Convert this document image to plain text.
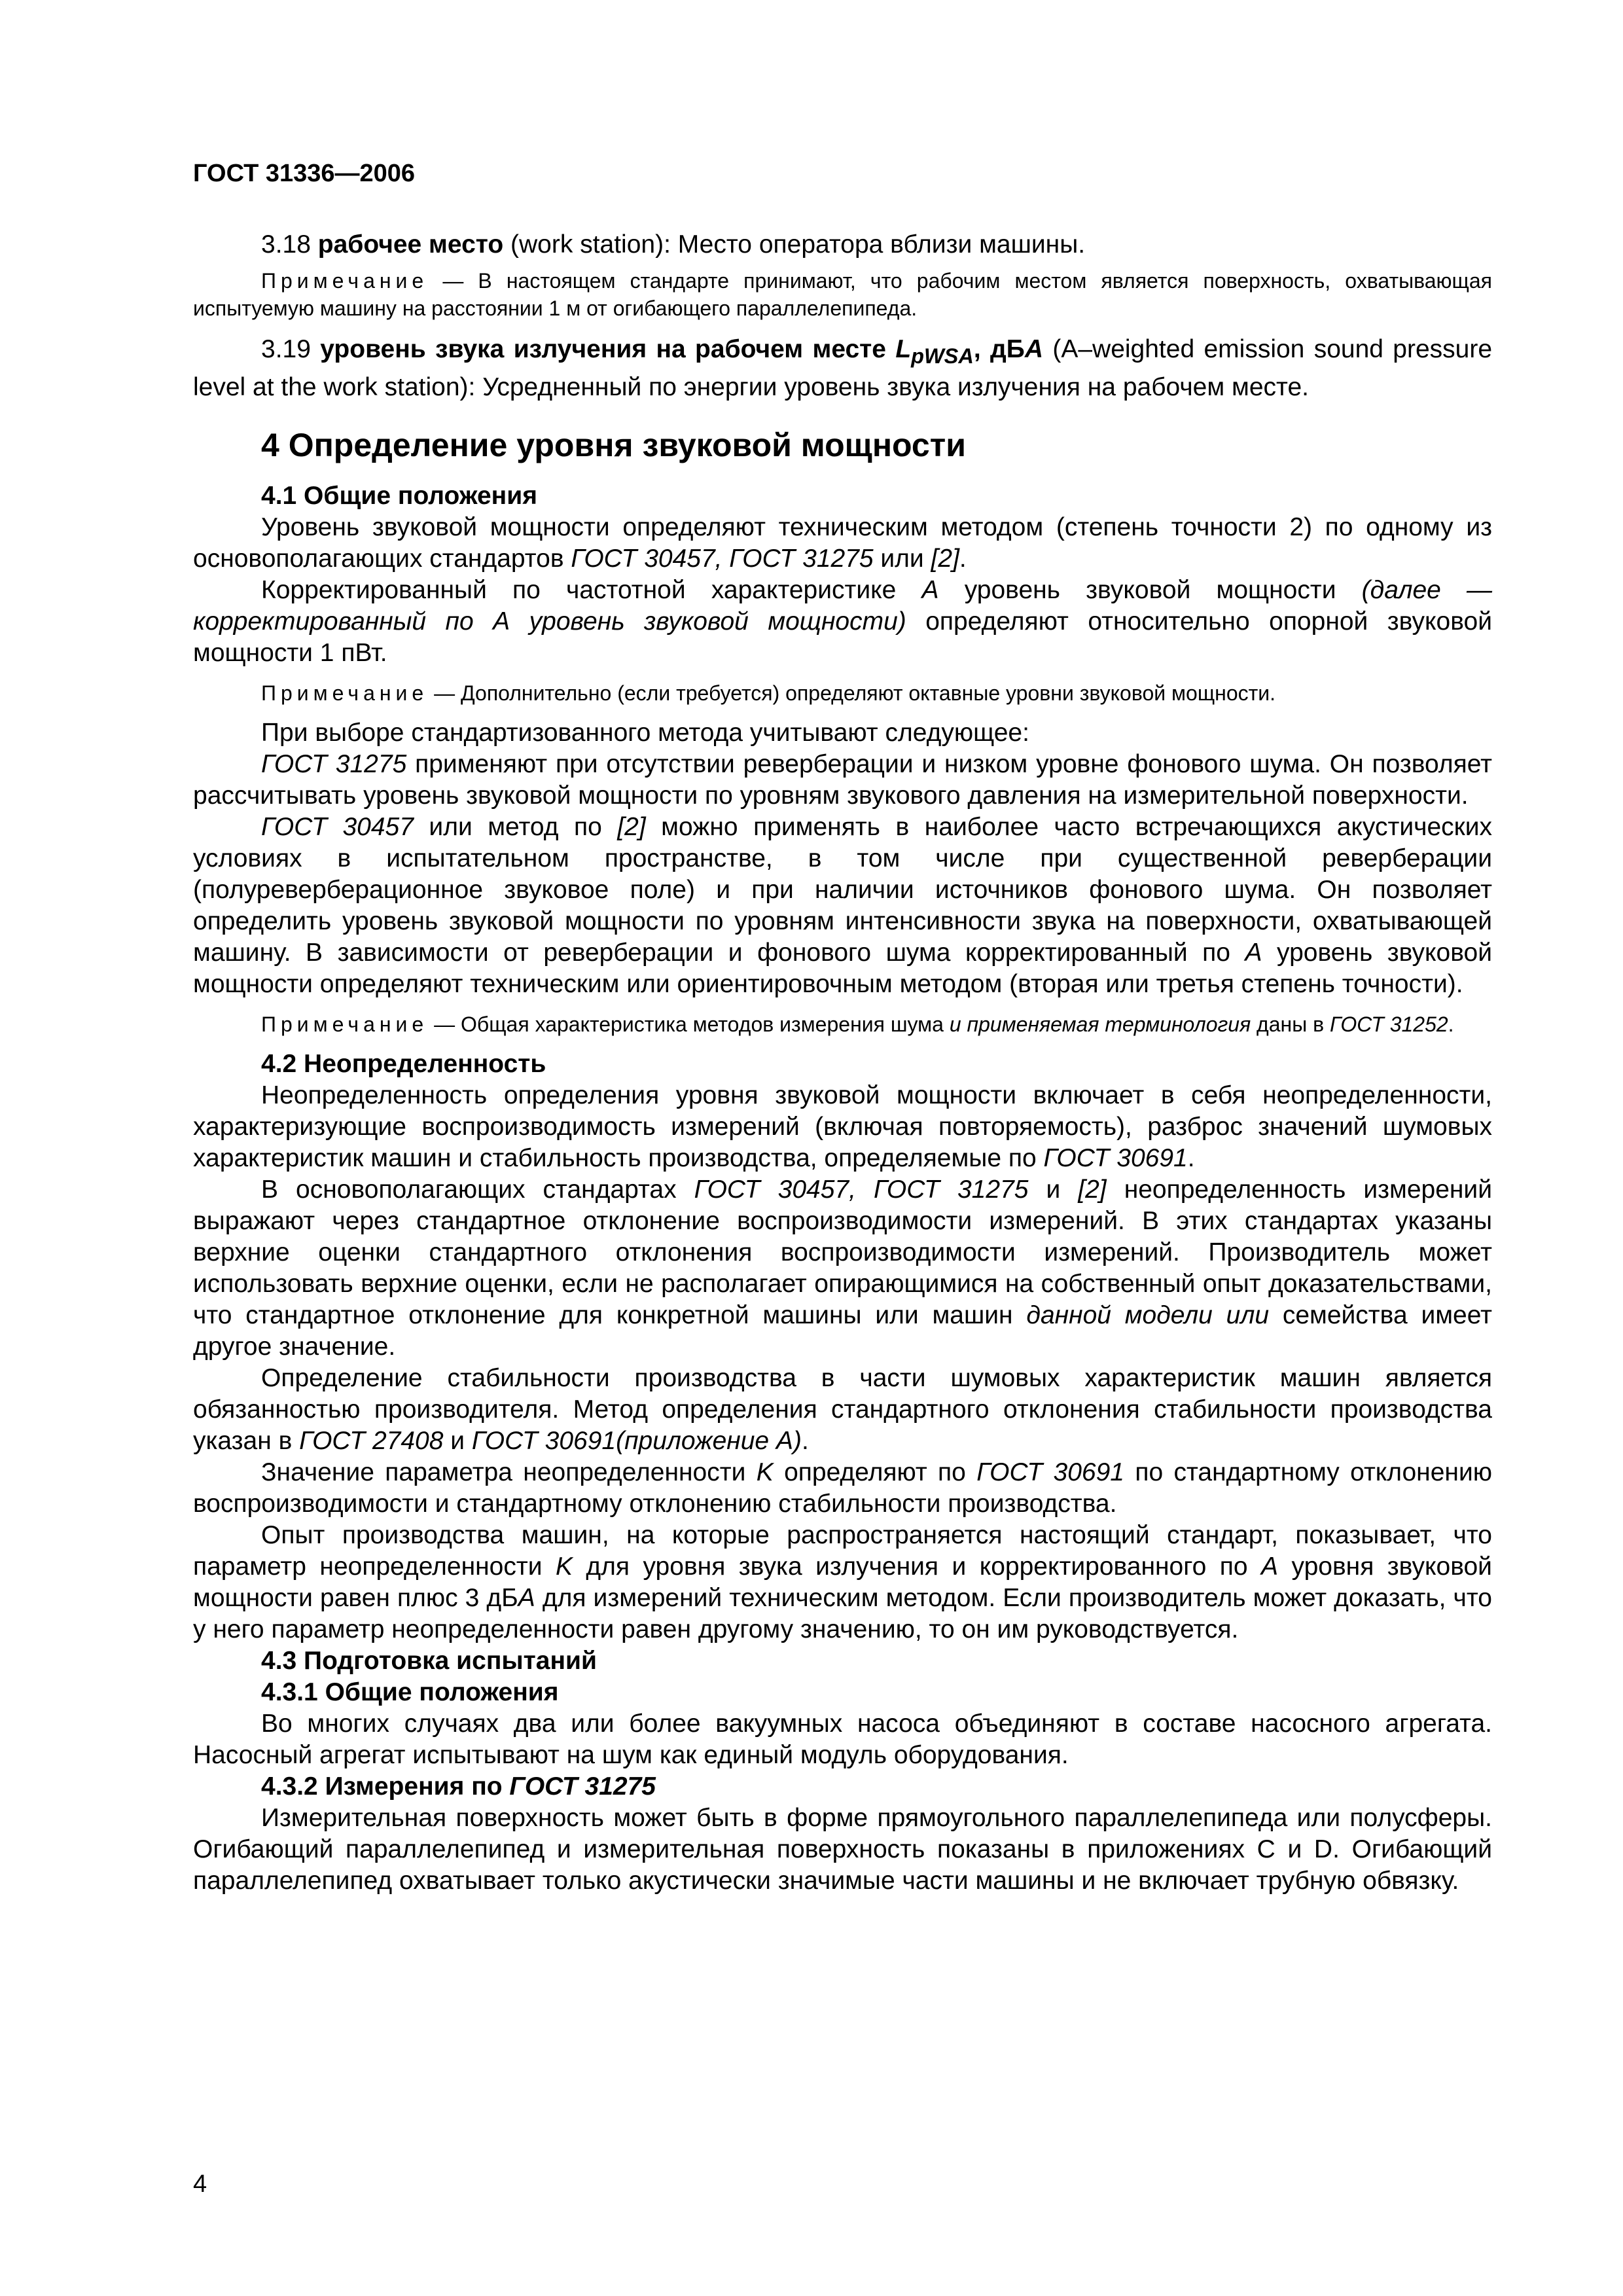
ГОСТ 31336—2006

3.18 рабочее место (work station): Место оператора вблизи машины.

Примечание — В настоящем стандарте принимают, что рабочим местом является поверхность, охватывающая испытуемую машину на расстоянии 1 м от огибающего параллелепипеда.

3.19 уровень звука излучения на рабочем месте $L_{pWSA}$, дБА (A–weighted emission sound pressure level at the work station): Усредненный по энергии уровень звука излучения на рабочем месте.

4 Определение уровня звуковой мощности
4.1 Общие положения

Уровень звуковой мощности определяют техническим методом (степень точности 2) по одному из основополагающих стандартов ГОСТ 30457, ГОСТ 31275 или [2].

Корректированный по частотной характеристике А уровень звуковой мощности (далее — корректированный по А уровень звуковой мощности) определяют относительно опорной звуковой мощности 1 пВт.

Примечание — Дополнительно (если требуется) определяют октавные уровни звуковой мощности.

При выборе стандартизованного метода учитывают следующее:

ГОСТ 31275 применяют при отсутствии реверберации и низком уровне фонового шума. Он позволяет рассчитывать уровень звуковой мощности по уровням звукового давления на измерительной поверхности.

ГОСТ 30457 или метод по [2] можно применять в наиболее часто встречающихся акустических условиях в испытательном пространстве, в том числе при существенной реверберации (полуреверберационное звуковое поле) и при наличии источников фонового шума. Он позволяет определить уровень звуковой мощности по уровням интенсивности звука на поверхности, охватывающей машину. В зависимости от реверберации и фонового шума корректированный по А уровень звуковой мощности определяют техническим или ориентировочным методом (вторая или третья степень точности).

Примечание — Общая характеристика методов измерения шума и применяемая терминология даны в ГОСТ 31252.

4.2 Неопределенность

Неопределенность определения уровня звуковой мощности включает в себя неопределенности, характеризующие воспроизводимость измерений (включая повторяемость), разброс значений шумовых характеристик машин и стабильность производства, определяемые по ГОСТ 30691.

В основополагающих стандартах ГОСТ 30457, ГОСТ 31275 и [2] неопределенность измерений выражают через стандартное отклонение воспроизводимости измерений. В этих стандартах указаны верхние оценки стандартного отклонения воспроизводимости измерений. Производитель может использовать верхние оценки, если не располагает опирающимися на собственный опыт доказательствами, что стандартное отклонение для конкретной машины или машин данной модели или семейства имеет другое значение.

Определение стабильности производства в части шумовых характеристик машин является обязанностью производителя. Метод определения стандартного отклонения стабильности производства указан в ГОСТ 27408 и ГОСТ 30691(приложение А).

Значение параметра неопределенности K определяют по ГОСТ 30691 по стандартному отклонению воспроизводимости и стандартному отклонению стабильности производства.

Опыт производства машин, на которые распространяется настоящий стандарт, показывает, что параметр неопределенности K для уровня звука излучения и корректированного по А уровня звуковой мощности равен плюс 3 дБА для измерений техническим методом. Если производитель может доказать, что у него параметр неопределенности равен другому значению, то он им руководствуется.

4.3 Подготовка испытаний
4.3.1 Общие положения

Во многих случаях два или более вакуумных насоса объединяют в составе насосного агрегата. Насосный агрегат испытывают на шум как единый модуль оборудования.

4.3.2 Измерения по ГОСТ 31275

Измерительная поверхность может быть в форме прямоугольного параллелепипеда или полусферы. Огибающий параллелепипед и измерительная поверхность показаны в приложениях С и D. Огибающий параллелепипед охватывает только акустически значимые части машины и не включает трубную обвязку.

4
